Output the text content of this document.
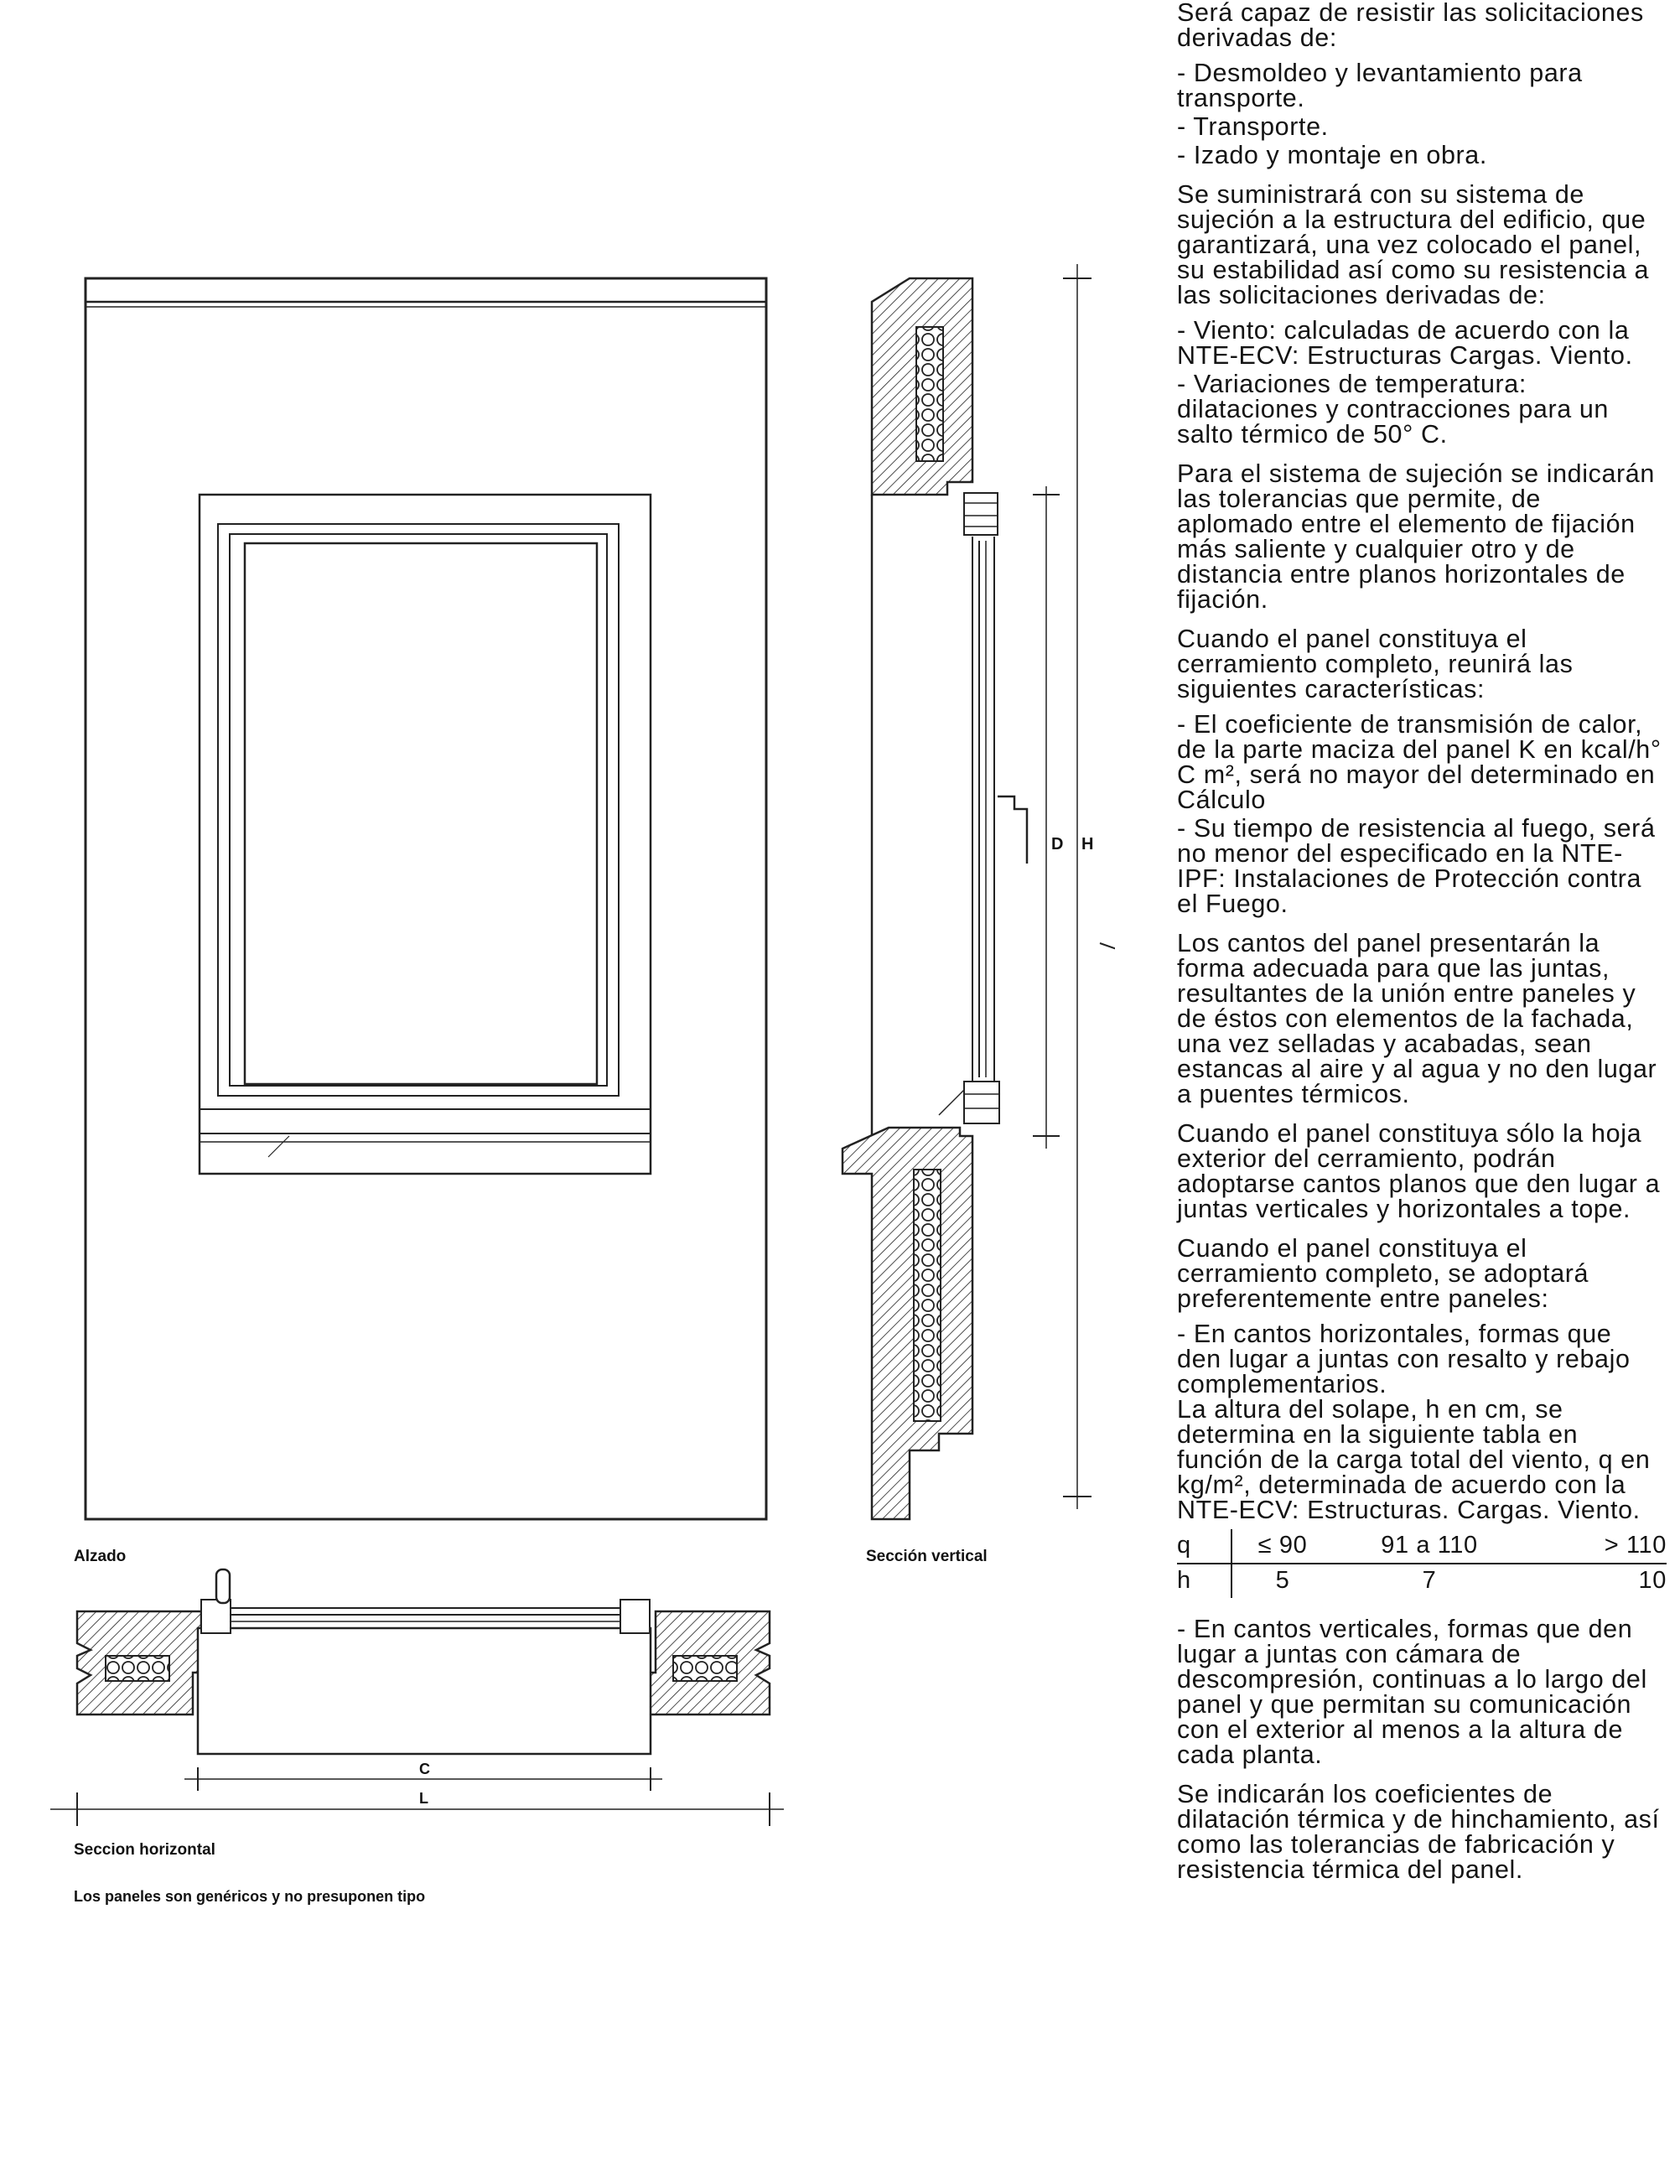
D H
C
L
Alzado	Sección vertical
Seccion horizontal
Los paneles son genéricos y no presuponen tipo

Será capaz de resistir las solicitaciones derivadas de:

- Desmoldeo y levantamiento para transporte.

- Transporte.

- Izado y montaje en obra.

Se suministrará con su sistema de sujeción a la estructura del edificio, que garantizará, una vez colocado el panel, su estabilidad así como su resistencia a las solicitaciones derivadas de:

- Viento: calculadas de acuerdo con la NTE-ECV: Estructuras Cargas. Viento.

- Variaciones de temperatura: dilataciones y contracciones para un salto térmico de 50° C.

Para el sistema de sujeción se indicarán las tolerancias que permite, de aplomado entre el elemento de fijación más saliente y cualquier otro y de distancia entre planos horizontales de fijación.

Cuando el panel constituya el cerramiento completo, reunirá las siguientes características:

- El coeficiente de transmisión de calor, de la parte maciza del panel K en kcal/h° C m², será no mayor del determinado en Cálculo

- Su tiempo de resistencia al fuego, será no menor del especificado en la NTE-IPF: Instalaciones de Protección contra el Fuego.

Los cantos del panel presentarán la forma adecuada para que las juntas, resultantes de la unión entre paneles y de éstos con elementos de la fachada, una vez selladas y acabadas, sean estancas al aire y al agua y no den lugar a puentes térmicos.

Cuando el panel constituya sólo la hoja exterior del cerramiento, podrán adoptarse cantos planos que den lugar a juntas verticales y horizontales a tope.

Cuando el panel constituya el cerramiento completo, se adoptará preferentemente entre paneles:

- En cantos horizontales, formas que den lugar a juntas con resalto y rebajo complementarios.

La altura del solape, h en cm, se determina en la siguiente tabla en función de la carga total del viento, q en kg/m², determinada de acuerdo con la NTE-ECV: Estructuras. Cargas. Viento.

q	≤ 90	91 a 110	> 110
h	5	7	10

- En cantos verticales, formas que den lugar a juntas con cámara de descompresión, continuas a lo largo del panel y que permitan su comunicación con el exterior al menos a la altura de cada planta.

Se indicarán los coeficientes de dilatación térmica y de hinchamiento, así como las tolerancias de fabricación y resistencia térmica del panel.
